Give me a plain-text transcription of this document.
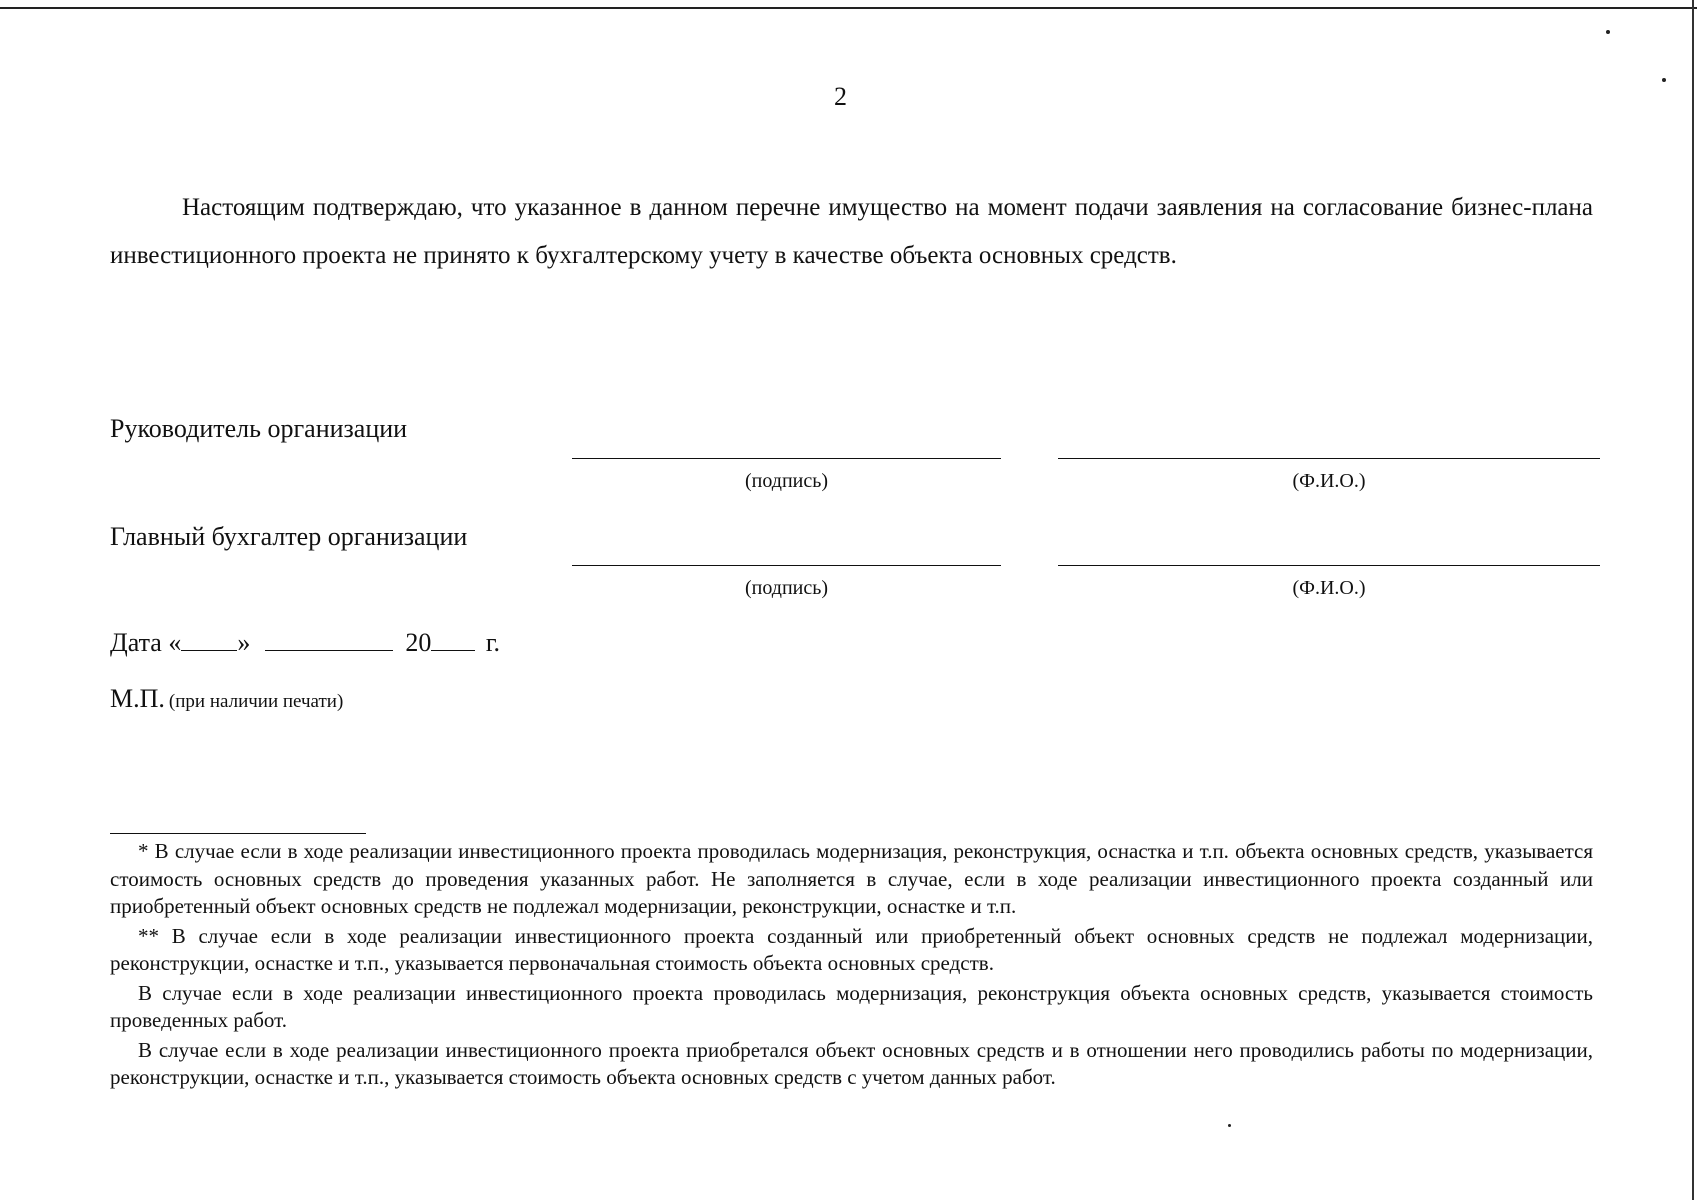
2

Настоящим подтверждаю, что указанное в данном перечне имущество на момент подачи заявления на согласование бизнес-плана инвестиционного проекта не принято к бухгалтерскому учету в качестве объекта основных средств.

Руководитель организации
(подпись)	(Ф.И.О.)
Главный бухгалтер организации
(подпись)	(Ф.И.О.)
Дата « »	20 г.
М.П. (при наличии печати)

* В случае если в ходе реализации инвестиционного проекта проводилась модернизация, реконструкция, оснастка и т.п. объекта основных средств, указывается стоимость основных средств до проведения указанных работ. Не заполняется в случае, если в ходе реализации инвестиционного проекта созданный или приобретенный объект основных средств не подлежал модернизации, реконструкции, оснастке и т.п.

** В случае если в ходе реализации инвестиционного проекта созданный или приобретенный объект основных средств не подлежал модернизации, реконструкции, оснастке и т.п., указывается первоначальная стоимость объекта основных средств.

В случае если в ходе реализации инвестиционного проекта проводилась модернизация, реконструкция объекта основных средств, указывается стоимость проведенных работ.

В случае если в ходе реализации инвестиционного проекта приобретался объект основных средств и в отношении него проводились работы по модернизации, реконструкции, оснастке и т.п., указывается стоимость объекта основных средств с учетом данных работ.
